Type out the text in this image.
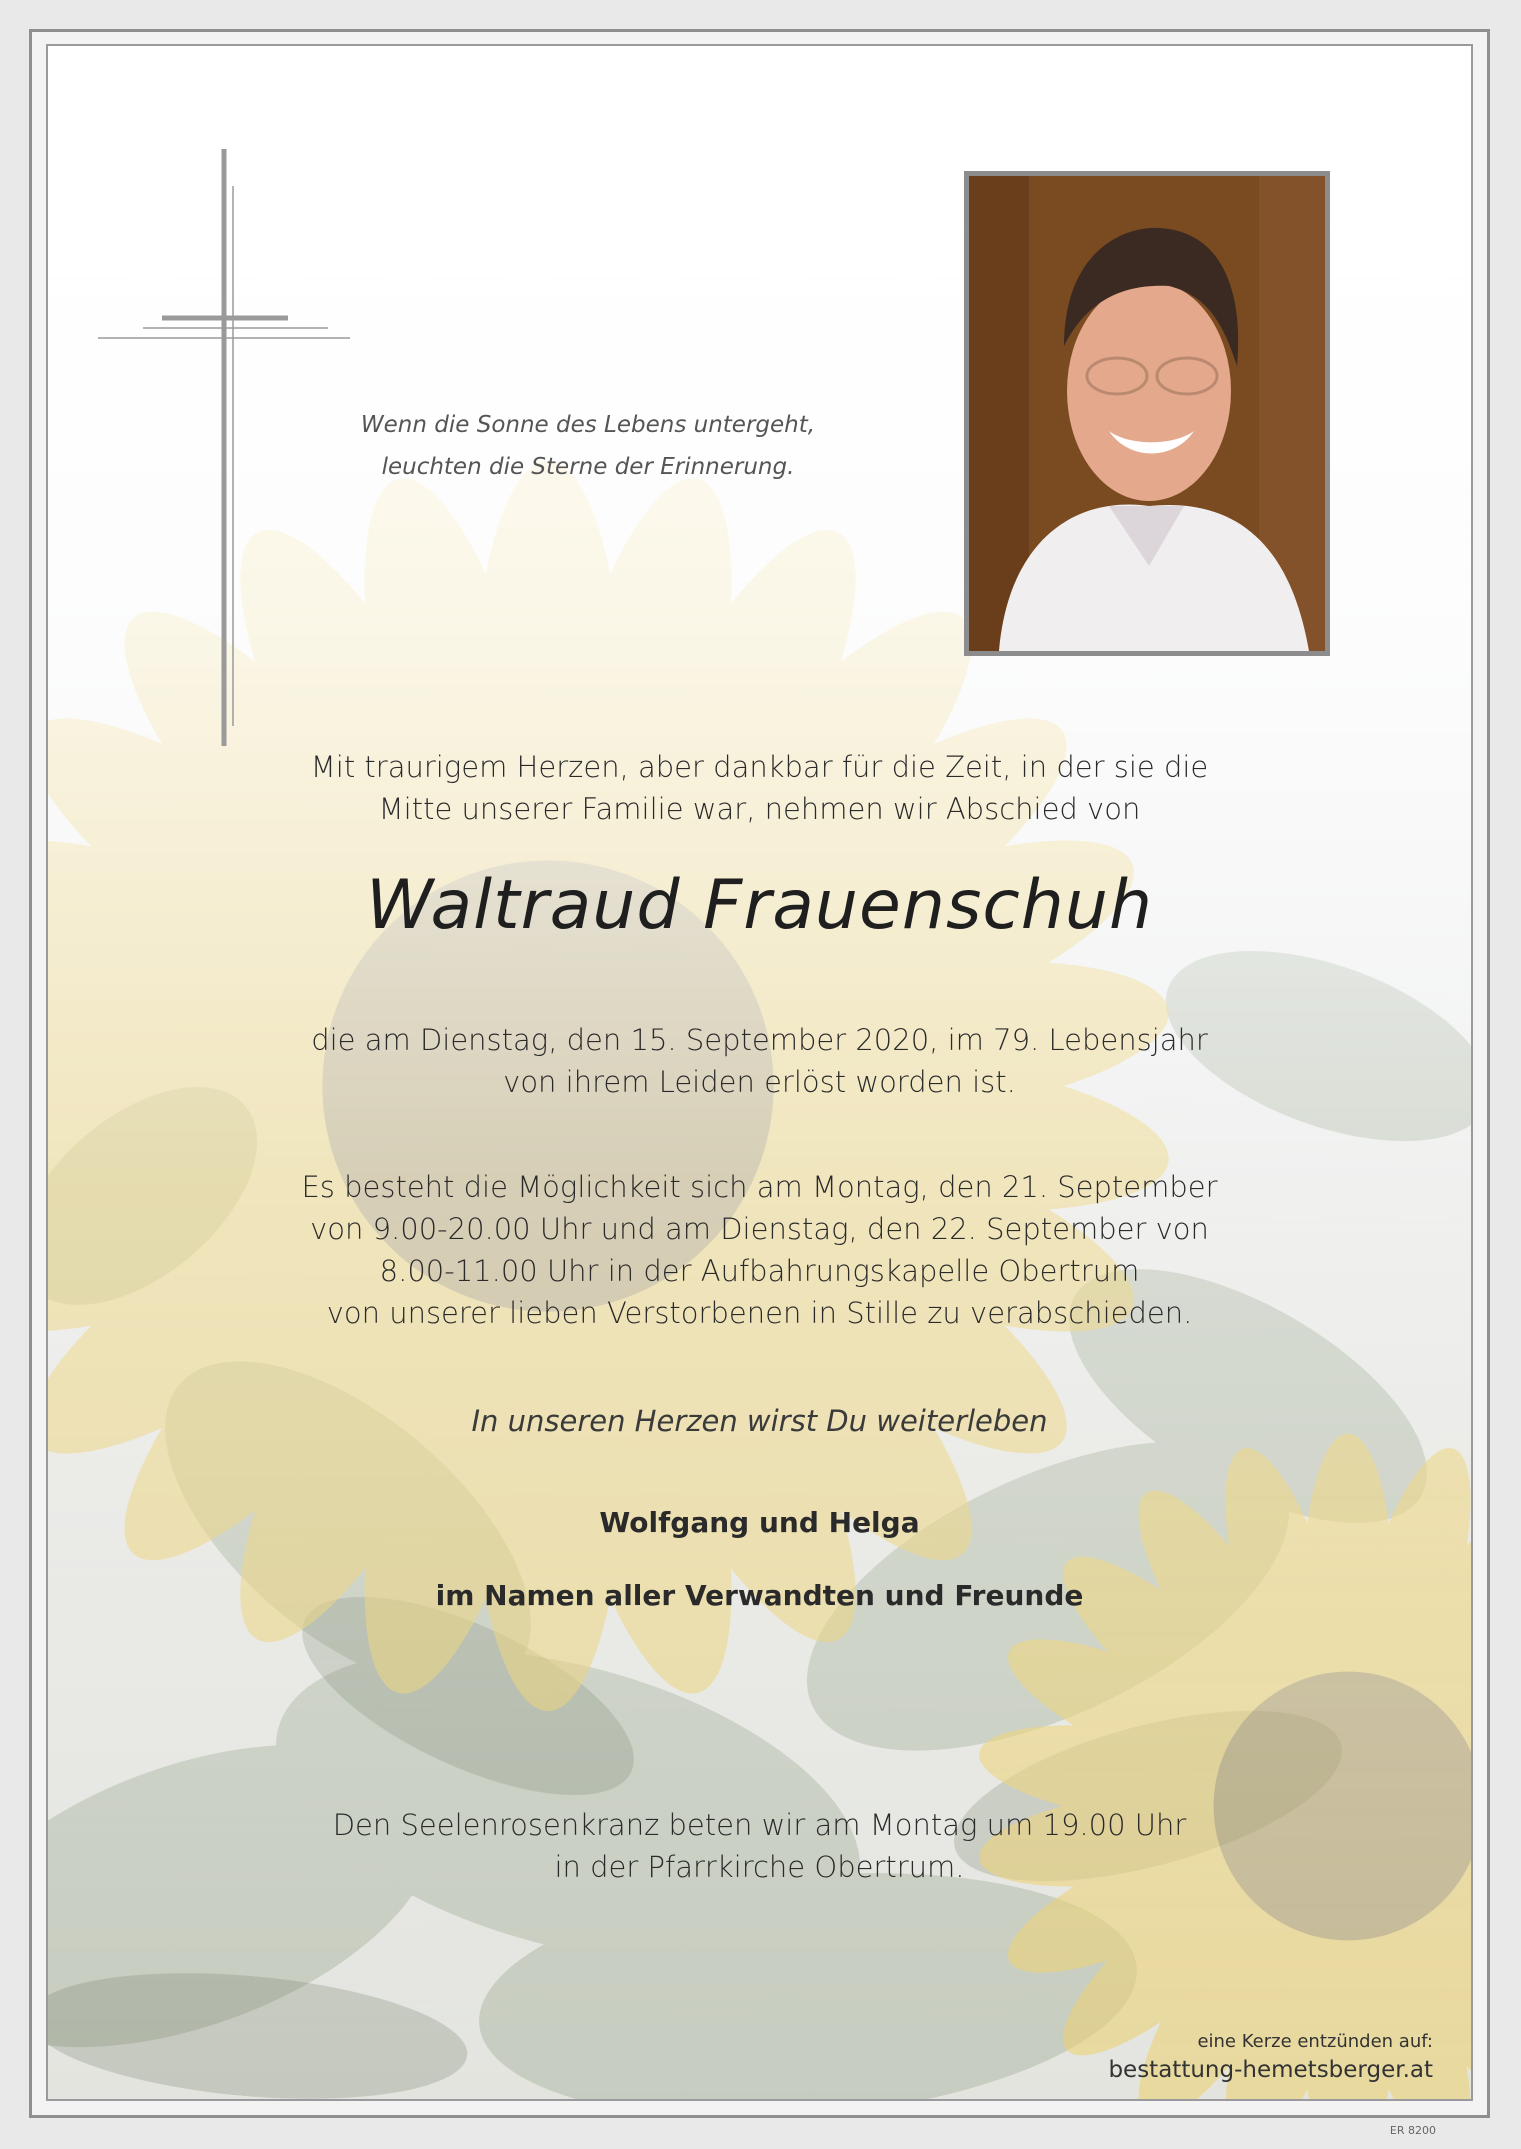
Wenn die Sonne des Lebens untergeht,
leuchten die Sterne der Erinnerung.
Mit traurigem Herzen, aber dankbar für die Zeit, in der sie die
Mitte unserer Familie war, nehmen wir Abschied von
Waltraud Frauenschuh
die am Dienstag, den 15. September 2020, im 79. Lebensjahr
von ihrem Leiden erlöst worden ist.
Es besteht die Möglichkeit sich am Montag, den 21. September
von 9.00-20.00 Uhr und am Dienstag, den 22. September von
8.00-11.00 Uhr in der Aufbahrungskapelle Obertrum
von unserer lieben Verstorbenen in Stille zu verabschieden.
In unseren Herzen wirst Du weiterleben
Wolfgang und Helga
im Namen aller Verwandten und Freunde
Den Seelenrosenkranz beten wir am Montag um 19.00 Uhr
in der Pfarrkirche Obertrum.
eine Kerze entzünden auf:
bestattung-hemetsberger.at
ER 8200
